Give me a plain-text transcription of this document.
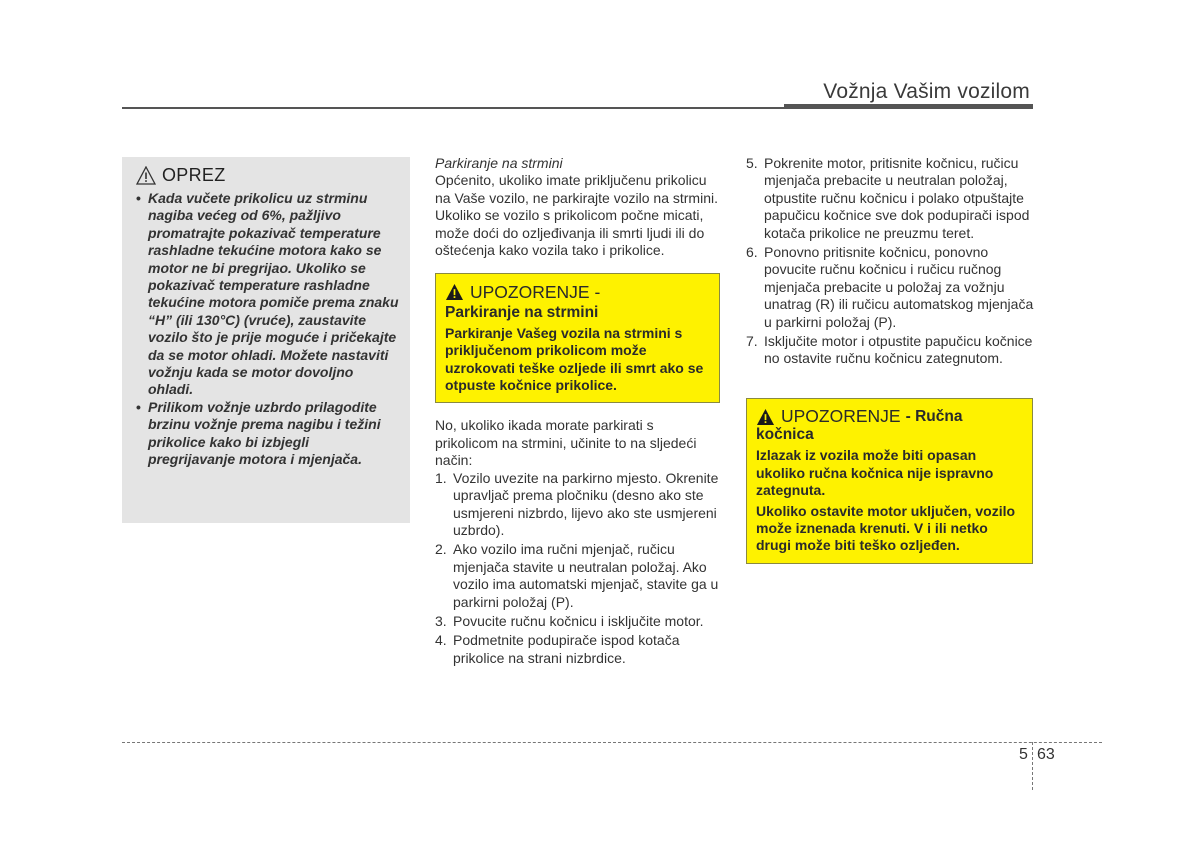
Vožnja Vašim vozilom
OPREZ
• Kada vučete prikolicu uz strminu nagiba većeg od 6%, pažljivo promatrajte pokazivač temperature rashladne tekućine motora kako se motor ne bi pregrijao. Ukoliko se pokazivač temperature rashladne tekućine motora pomiče prema znaku “H” (ili 130°C) (vruće), zaustavite vozilo što je prije moguće i pričekajte da se motor ohladi. Možete nastaviti vožnju kada se motor dovoljno ohladi.
• Prilikom vožnje uzbrdo prilagodite brzinu vožnje prema nagibu i težini prikolice kako bi izbjegli pregrijavanje motora i mjenjača.
Parkiranje na strmini

Općenito, ukoliko imate priključenu prikolicu na Vaše vozilo, ne parkirajte vozilo na strmini. Ukoliko se vozilo s prikolicom počne micati, može doći do ozljeđivanja ili smrti ljudi ili do oštećenja kako vozila tako i prikolice.

UPOZORENJE -
Parkiranje na strmini
Parkiranje Vašeg vozila na strmini s priključenom prikolicom može uzrokovati teške ozljede ili smrt ako se otpuste kočnice prikolice.

No, ukoliko ikada morate parkirati s prikolicom na strmini, učinite to na sljedeći način:

1. Vozilo uvezite na parkirno mjesto. Okrenite upravljač prema pločniku (desno ako ste usmjereni nizbrdo, lijevo ako ste usmjereni uzbrdo).
2. Ako vozilo ima ručni mjenjač, ručicu mjenjača stavite u neutralan položaj. Ako vozilo ima automatski mjenjač, stavite ga u parkirni položaj (P).
3. Povucite ručnu kočnicu i isključite motor.
4. Podmetnite podupirače ispod kotača prikolice na strani nizbrdice.
5. Pokrenite motor, pritisnite kočnicu, ručicu mjenjača prebacite u neutralan položaj, otpustite ručnu kočnicu i polako otpuštajte papučicu kočnice sve dok podupirači ispod kotača prikolice ne preuzmu teret.
6. Ponovno pritisnite kočnicu, ponovno povucite ručnu kočnicu i ručicu ručnog mjenjača prebacite u položaj za vožnju unatrag (R) ili ručicu automatskog mjenjača u parkirni položaj (P).
7. Isključite motor i otpustite papučicu kočnice no ostavite ručnu kočnicu zategnutom.
UPOZORENJE - Ručna
kočnica
Izlazak iz vozila može biti opasan ukoliko ručna kočnica nije ispravno zategnuta.
Ukoliko ostavite motor uključen, vozilo može iznenada krenuti. V i ili netko drugi može biti teško ozljeđen.
5 63
